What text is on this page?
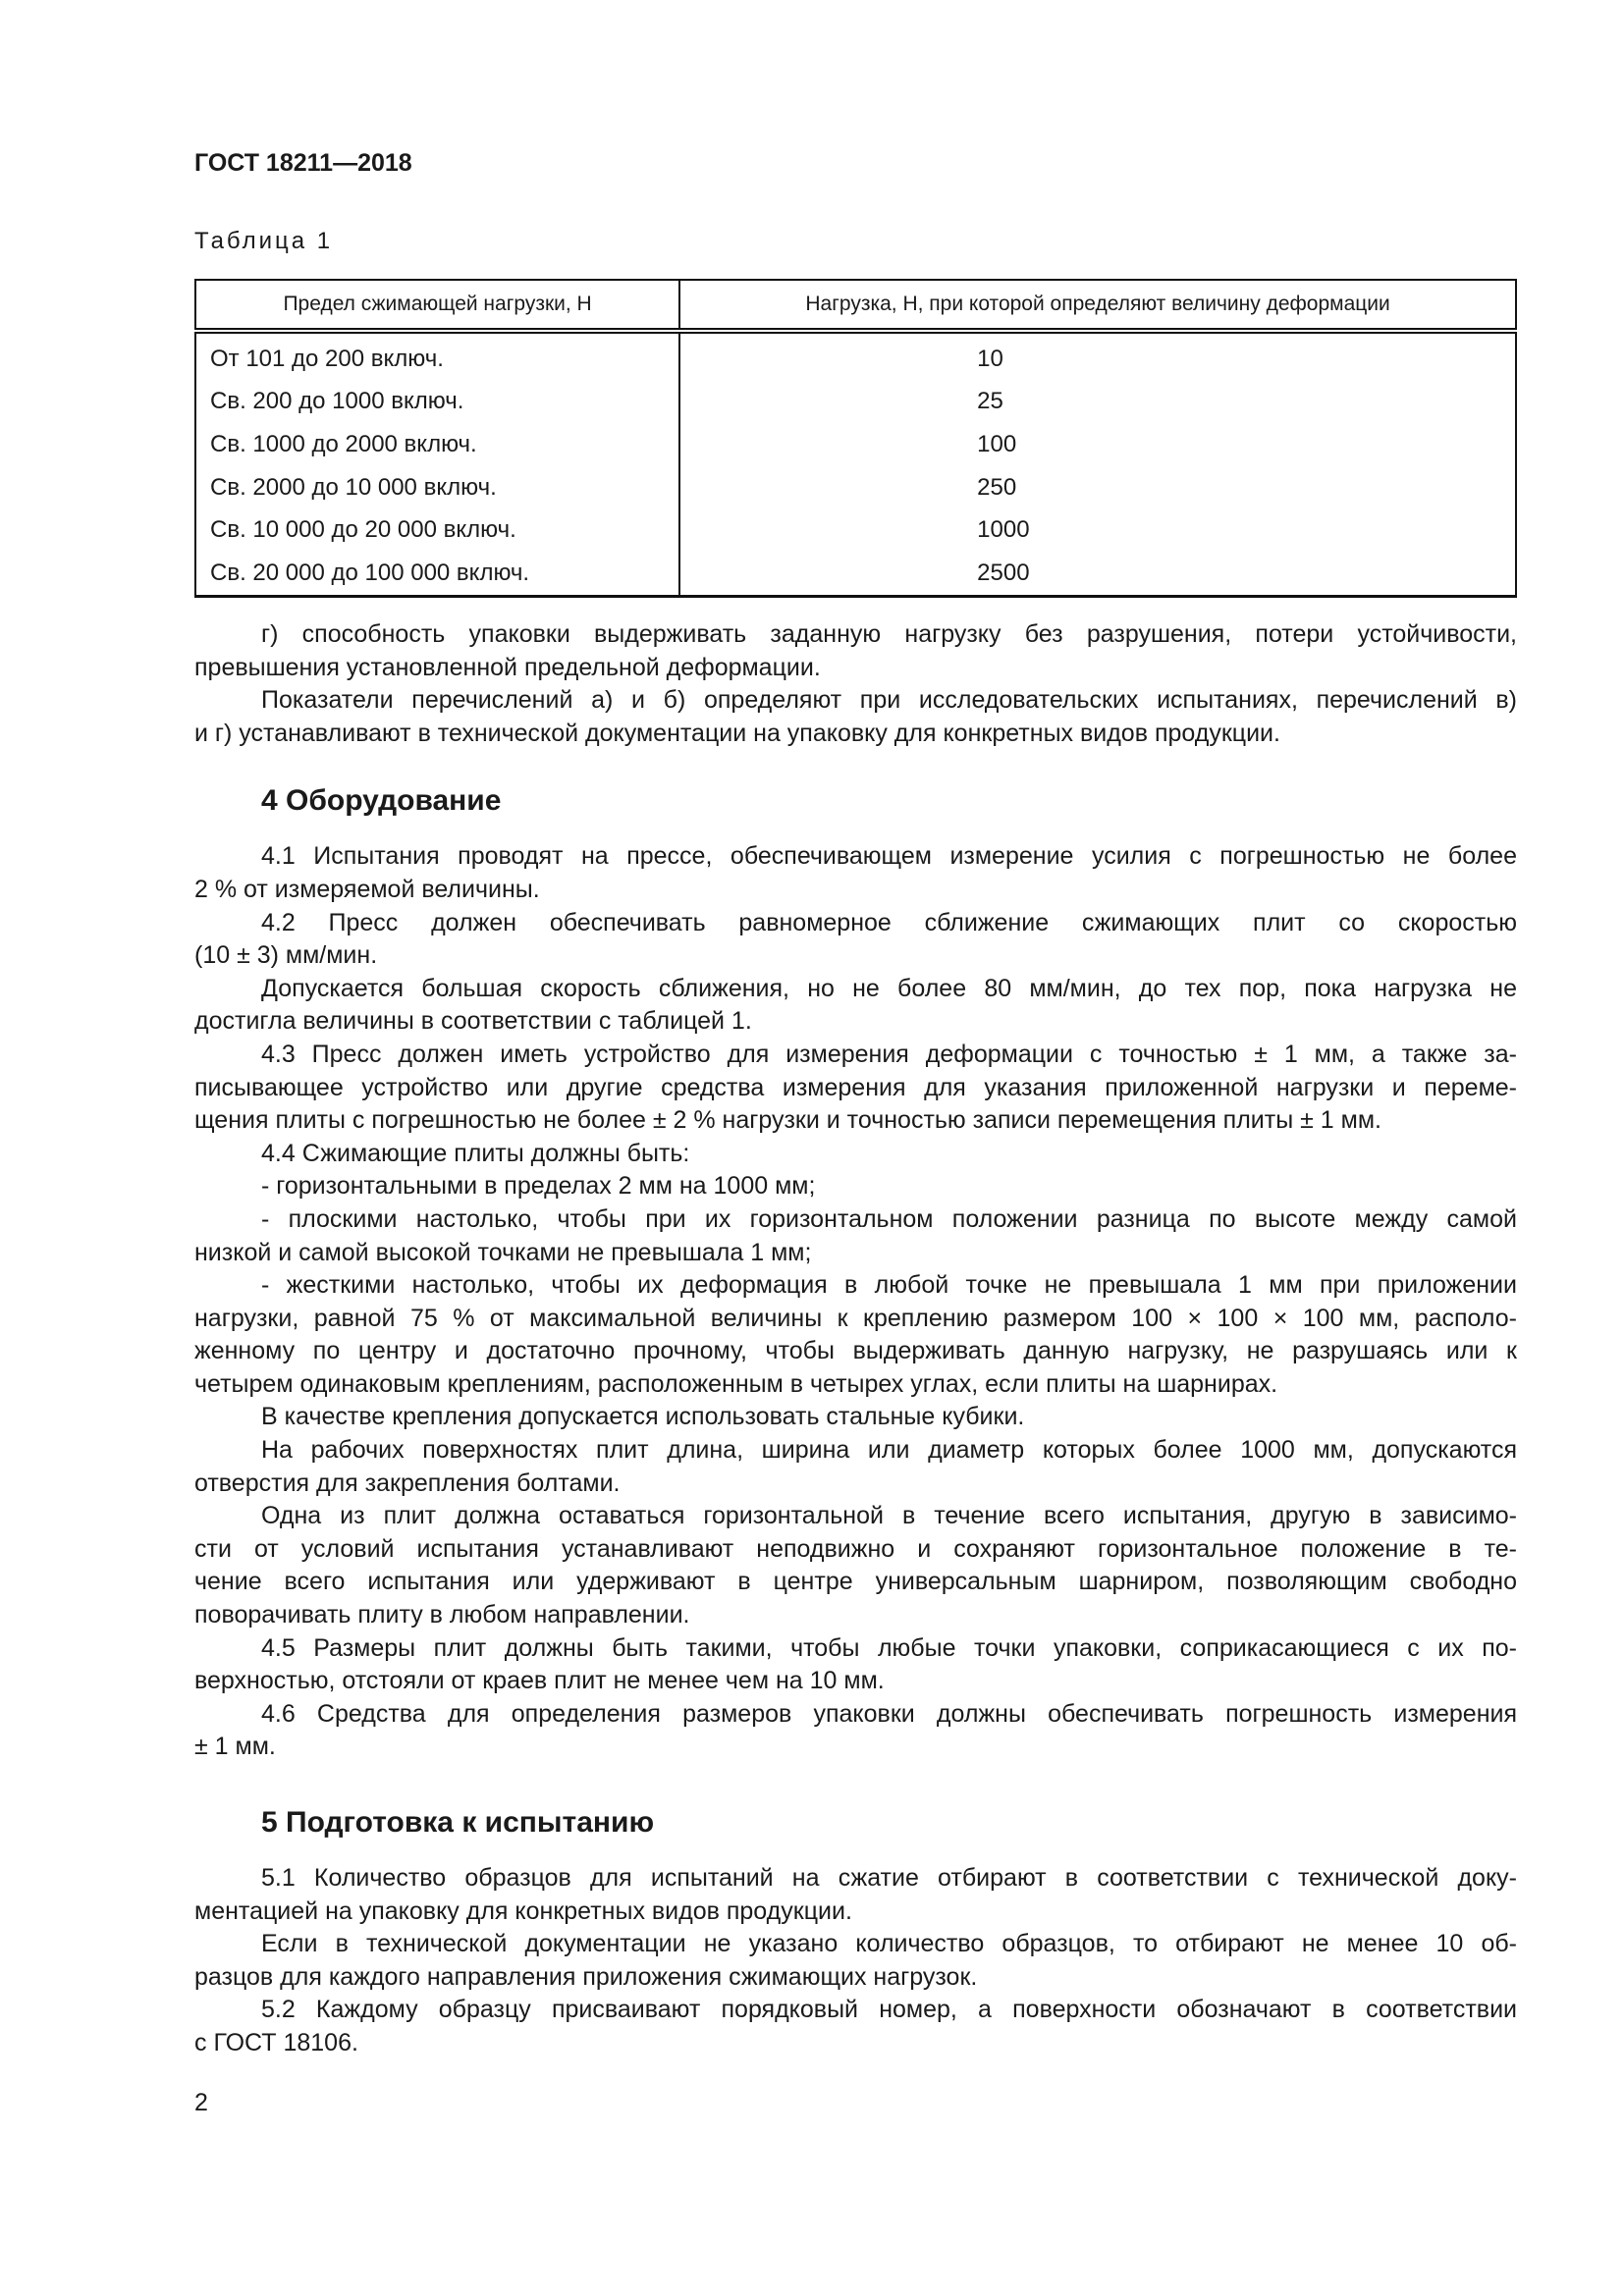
ГОСТ 18211—2018
Таблица 1
Предел сжимающей нагрузки, Н	Нагрузка, Н, при которой определяют величину деформации
От 101 до 200 включ.	10
Св. 200 до 1000 включ.	25
Св. 1000 до 2000 включ.	100
Св. 2000 до 10 000 включ.	250
Св. 10 000 до 20 000 включ.	1000
Св. 20 000 до 100 000 включ.	2500
г) способность упаковки выдерживать заданную нагрузку без разрушения, потери устойчивости,
превышения установленной предельной деформации.
Показатели перечислений а) и б) определяют при исследовательских испытаниях, перечислений в)
и г) устанавливают в технической документации на упаковку для конкретных видов продукции.
4 Оборудование
4.1 Испытания проводят на прессе, обеспечивающем измерение усилия с погрешностью не более
2 % от измеряемой величины.
4.2 Пресс должен обеспечивать равномерное сближение сжимающих плит со скоростью
(10 ± 3) мм/мин.
Допускается большая скорость сближения, но не более 80 мм/мин, до тех пор, пока нагрузка не
достигла величины в соответствии с таблицей 1.
4.3 Пресс должен иметь устройство для измерения деформации с точностью ± 1 мм, а также за-
писывающее устройство или другие средства измерения для указания приложенной нагрузки и переме-
щения плиты с погрешностью не более ± 2 % нагрузки и точностью записи перемещения плиты ± 1 мм.
4.4 Сжимающие плиты должны быть:
- горизонтальными в пределах 2 мм на 1000 мм;
- плоскими настолько, чтобы при их горизонтальном положении разница по высоте между самой
низкой и самой высокой точками не превышала 1 мм;
- жесткими настолько, чтобы их деформация в любой точке не превышала 1 мм при приложении
нагрузки, равной 75 % от максимальной величины к креплению размером 100 × 100 × 100 мм, располо-
женному по центру и достаточно прочному, чтобы выдерживать данную нагрузку, не разрушаясь или к
четырем одинаковым креплениям, расположенным в четырех углах, если плиты на шарнирах.
В качестве крепления допускается использовать стальные кубики.
На рабочих поверхностях плит длина, ширина или диаметр которых более 1000 мм, допускаются
отверстия для закрепления болтами.
Одна из плит должна оставаться горизонтальной в течение всего испытания, другую в зависимо-
сти от условий испытания устанавливают неподвижно и сохраняют горизонтальное положение в те-
чение всего испытания или удерживают в центре универсальным шарниром, позволяющим свободно
поворачивать плиту в любом направлении.
4.5 Размеры плит должны быть такими, чтобы любые точки упаковки, соприкасающиеся с их по-
верхностью, отстояли от краев плит не менее чем на 10 мм.
4.6 Средства для определения размеров упаковки должны обеспечивать погрешность измерения
± 1 мм.
5 Подготовка к испытанию
5.1 Количество образцов для испытаний на сжатие отбирают в соответствии с технической доку-
ментацией на упаковку для конкретных видов продукции.
Если в технической документации не указано количество образцов, то отбирают не менее 10 об-
разцов для каждого направления приложения сжимающих нагрузок.
5.2 Каждому образцу присваивают порядковый номер, а поверхности обозначают в соответствии
с ГОСТ 18106.
2
